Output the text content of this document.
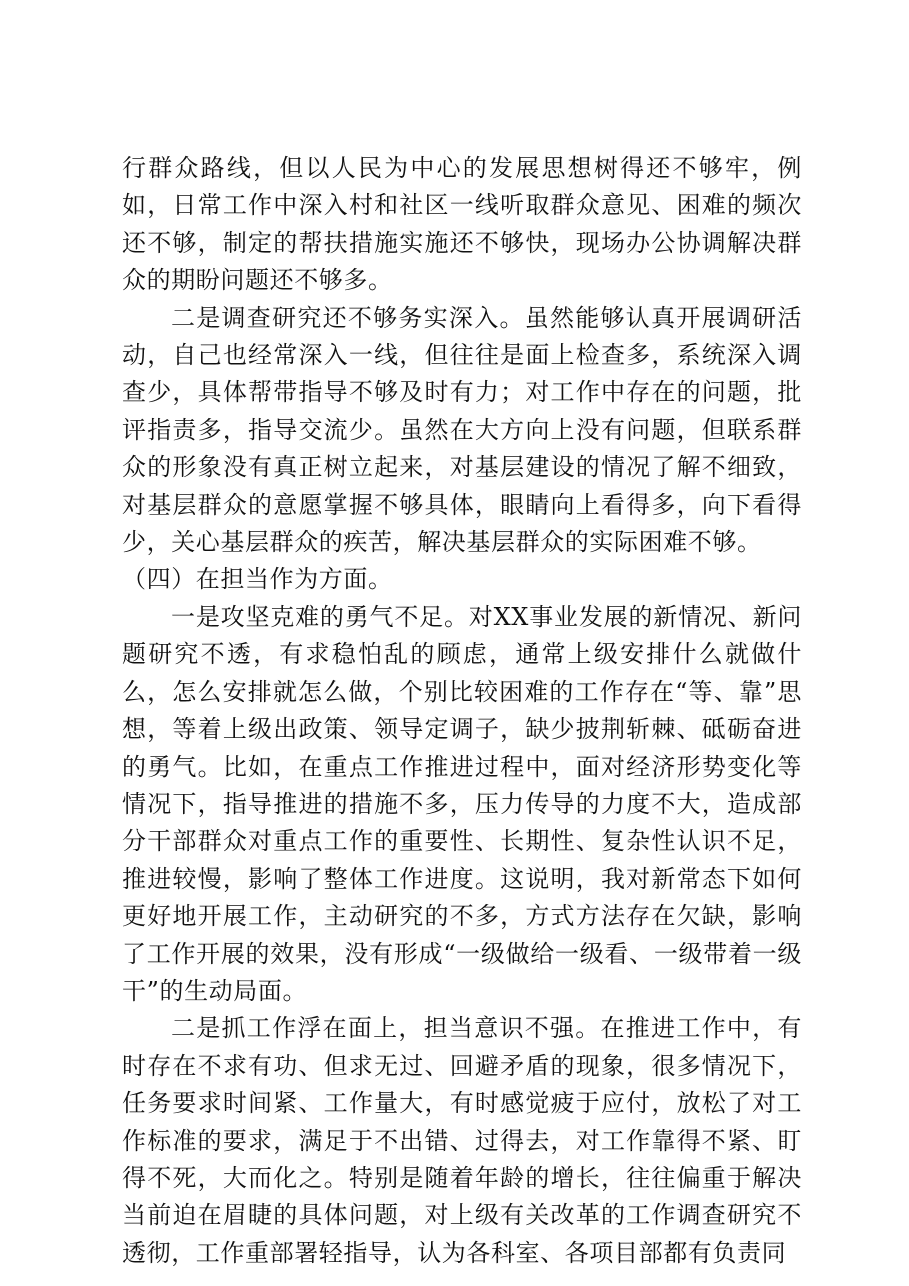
行群众路线，但以人民为中心的发展思想树得还不够牢，例如，日常工作中深入村和社区一线听取群众意见、困难的频次还不够，制定的帮扶措施实施还不够快，现场办公协调解决群众的期盼问题还不够多。

二是调查研究还不够务实深入。虽然能够认真开展调研活动，自己也经常深入一线，但往往是面上检查多，系统深入调查少，具体帮带指导不够及时有力；对工作中存在的问题，批评指责多，指导交流少。虽然在大方向上没有问题，但联系群众的形象没有真正树立起来，对基层建设的情况了解不细致，对基层群众的意愿掌握不够具体，眼睛向上看得多，向下看得少，关心基层群众的疾苦，解决基层群众的实际困难不够。

（四）在担当作为方面。

一是攻坚克难的勇气不足。对XX事业发展的新情况、新问题研究不透，有求稳怕乱的顾虑，通常上级安排什么就做什么，怎么安排就怎么做，个别比较困难的工作存在“等、靠”思想，等着上级出政策、领导定调子，缺少披荆斩棘、砥砺奋进的勇气。比如，在重点工作推进过程中，面对经济形势变化等情况下，指导推进的措施不多，压力传导的力度不大，造成部分干部群众对重点工作的重要性、长期性、复杂性认识不足，推进较慢，影响了整体工作进度。这说明，我对新常态下如何更好地开展工作，主动研究的不多，方式方法存在欠缺，影响了工作开展的效果，没有形成“一级做给一级看、一级带着一级干”的生动局面。

二是抓工作浮在面上，担当意识不强。在推进工作中，有时存在不求有功、但求无过、回避矛盾的现象，很多情况下，任务要求时间紧、工作量大，有时感觉疲于应付，放松了对工作标准的要求，满足于不出错、过得去，对工作靠得不紧、盯得不死，大而化之。特别是随着年龄的增长，往往偏重于解决当前迫在眉睫的具体问题，对上级有关改革的工作调查研究不透彻，工作重部署轻指导，认为各科室、各项目部都有负责同
